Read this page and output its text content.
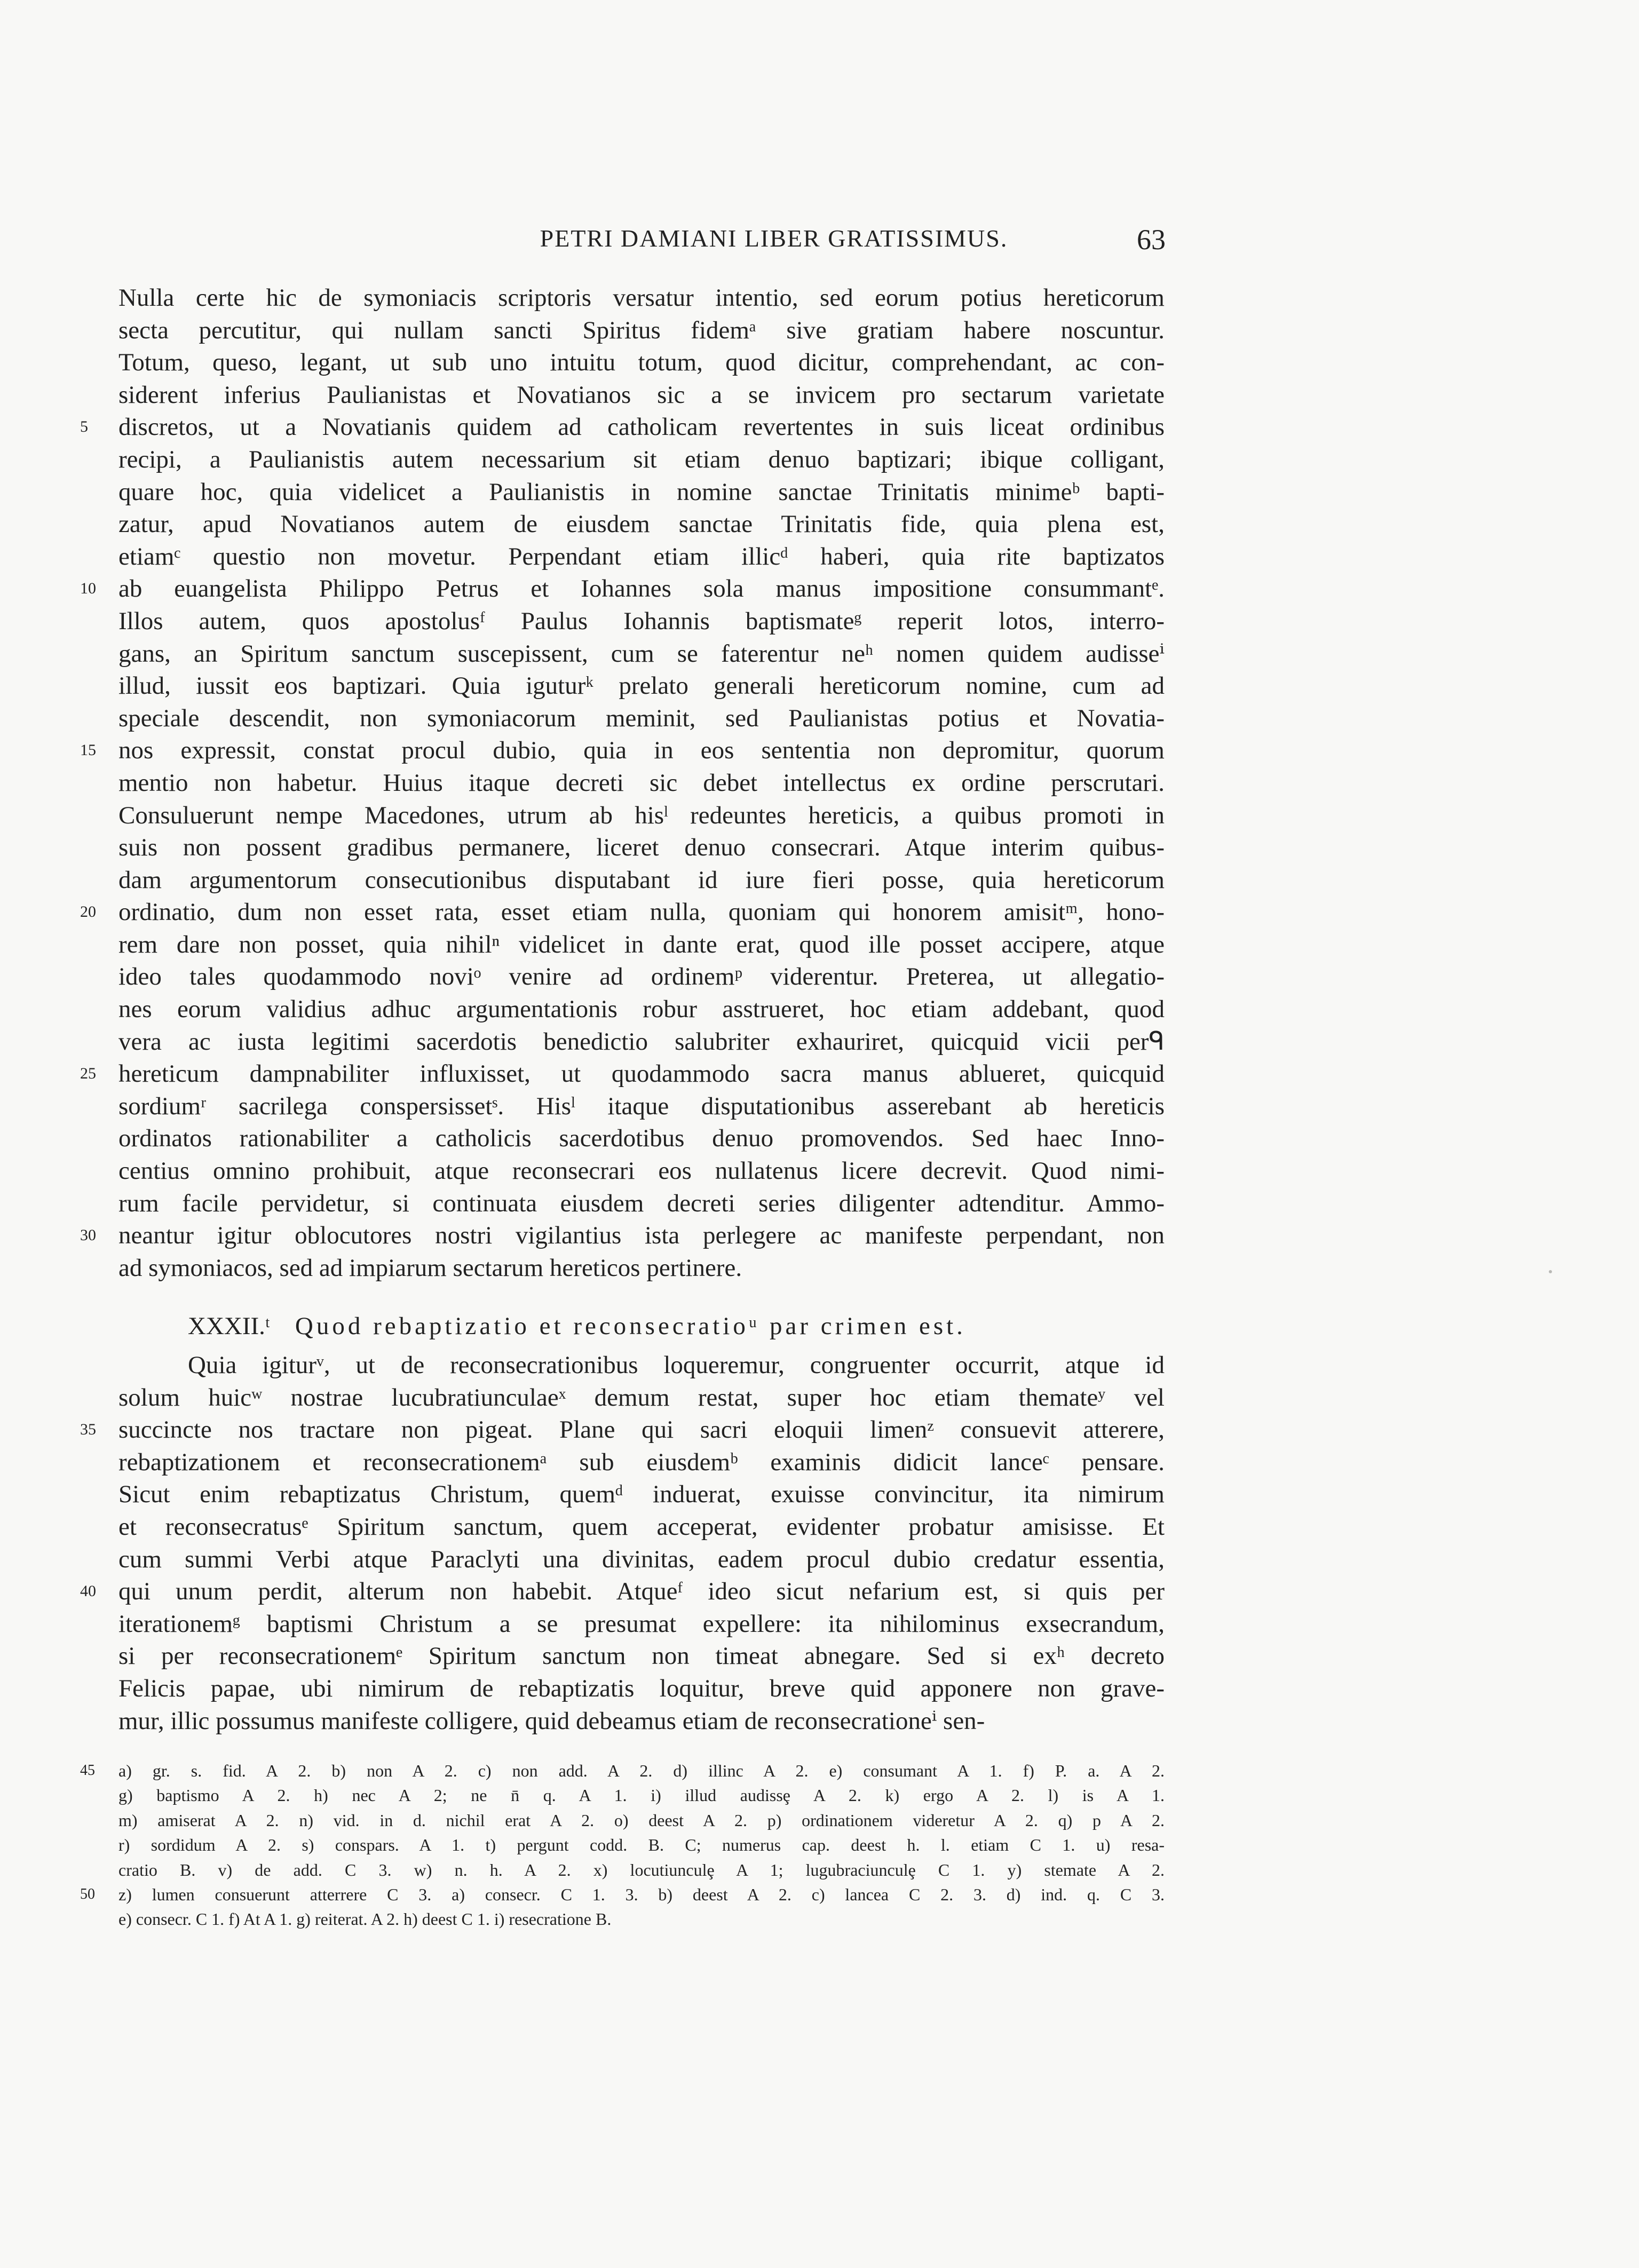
PETRI DAMIANI LIBER GRATISSIMUS.	63
Nulla certe hic de symoniacis scriptoris versatur intentio, sed eorum potius hereticorum
secta percutitur, qui nullam sancti Spiritus fidemᵃ sive gratiam habere noscuntur.
Totum, queso, legant, ut sub uno intuitu totum, quod dicitur, comprehendant, ac con-
siderent inferius Paulianistas et Novatianos sic a se invicem pro sectarum varietate
discretos, ut a Novatianis quidem ad catholicam revertentes in suis liceat ordinibus
5
recipi, a Paulianistis autem necessarium sit etiam denuo baptizari; ibique colligant,
quare hoc, quia videlicet a Paulianistis in nomine sanctae Trinitatis minimeᵇ bapti-
zatur, apud Novatianos autem de eiusdem sanctae Trinitatis fide, quia plena est,
etiamᶜ questio non movetur. Perpendant etiam illicᵈ haberi, quia rite baptizatos
ab euangelista Philippo Petrus et Iohannes sola manus impositione consummantᵉ.
10
Illos autem, quos apostolusᶠ Paulus Iohannis baptismateᵍ reperit lotos, interro-
gans, an Spiritum sanctum suscepissent, cum se faterentur neʰ nomen quidem audisseⁱ
illud, iussit eos baptizari. Quia iguturᵏ prelato generali hereticorum nomine, cum ad
speciale descendit, non symoniacorum meminit, sed Paulianistas potius et Novatia-
nos expressit, constat procul dubio, quia in eos sententia non depromitur, quorum
15
mentio non habetur. Huius itaque decreti sic debet intellectus ex ordine perscrutari.
Consuluerunt nempe Macedones, utrum ab hisˡ redeuntes hereticis, a quibus promoti in
suis non possent gradibus permanere, liceret denuo consecrari. Atque interim quibus-
dam argumentorum consecutionibus disputabant id iure fieri posse, quia hereticorum
ordinatio, dum non esset rata, esset etiam nulla, quoniam qui honorem amisitᵐ, hono-
20
rem dare non posset, quia nihilⁿ videlicet in dante erat, quod ille posset accipere, atque
ideo tales quodammodo noviᵒ venire ad ordinemᵖ viderentur. Preterea, ut allegatio-
nes eorum validius adhuc argumentationis robur asstrueret, hoc etiam addebant, quod
vera ac iusta legitimi sacerdotis benedictio salubriter exhauriret, quicquid vicii perᑫ
hereticum dampnabiliter influxisset, ut quodammodo sacra manus ablueret, quicquid
25
sordiumʳ sacrilega conspersissetˢ. Hisˡ itaque disputationibus asserebant ab hereticis
ordinatos rationabiliter a catholicis sacerdotibus denuo promovendos. Sed haec Inno-
centius omnino prohibuit, atque reconsecrari eos nullatenus licere decrevit. Quod nimi-
rum facile pervidetur, si continuata eiusdem decreti series diligenter adtenditur. Ammo-
neantur igitur oblocutores nostri vigilantius ista perlegere ac manifeste perpendant, non
30
ad symoniacos, sed ad impiarum sectarum hereticos pertinere.
XXXII.ᵗ Quod rebaptizatio et reconsecratioᵘ par crimen est.
Quia igiturᵛ, ut de reconsecrationibus loqueremur, congruenter occurrit, atque id
solum huicʷ nostrae lucubratiunculaeˣ demum restat, super hoc etiam themateʸ vel
succincte nos tractare non pigeat. Plane qui sacri eloquii limenᶻ consuevit atterere,
35
rebaptizationem et reconsecrationemᵃ sub eiusdemᵇ examinis didicit lanceᶜ pensare.
Sicut enim rebaptizatus Christum, quemᵈ induerat, exuisse convincitur, ita nimirum
et reconsecratusᵉ Spiritum sanctum, quem acceperat, evidenter probatur amisisse. Et
cum summi Verbi atque Paraclyti una divinitas, eadem procul dubio credatur essentia,
qui unum perdit, alterum non habebit. Atqueᶠ ideo sicut nefarium est, si quis per
40
iterationemᵍ baptismi Christum a se presumat expellere: ita nihilominus exsecrandum,
si per reconsecrationemᵉ Spiritum sanctum non timeat abnegare. Sed si exʰ decreto
Felicis papae, ubi nimirum de rebaptizatis loquitur, breve quid apponere non grave-
mur, illic possumus manifeste colligere, quid debeamus etiam de reconsecrationeⁱ sen-
a) gr. s. fid. A 2. b) non A 2. c) non add. A 2. d) illinc A 2. e) consumant A 1. f) P. a. A 2.
45
g) baptismo A 2. h) nec A 2; ne n̄ q. A 1. i) illud audissȩ A 2. k) ergo A 2. l) is A 1.
m) amiserat A 2. n) vid. in d. nichil erat A 2. o) deest A 2. p) ordinationem videretur A 2. q) p A 2.
r) sordidum A 2. s) conspars. A 1. t) pergunt codd. B. C; numerus cap. deest h. l. etiam C 1. u) resa-
cratio B. v) de add. C 3. w) n. h. A 2. x) locutiunculȩ A 1; lugubraciunculȩ C 1. y) stemate A 2.
z) lumen consuerunt atterrere C 3. a) consecr. C 1. 3. b) deest A 2. c) lancea C 2. 3. d) ind. q. C 3.
50
e) consecr. C 1. f) At A 1. g) reiterat. A 2. h) deest C 1. i) resecratione B.
